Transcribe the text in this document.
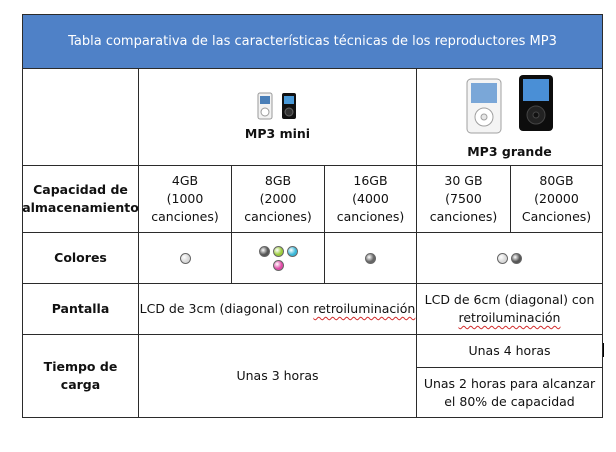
Tabla comparativa de las características técnicas de los reproductores MP3
MP3 mini
MP3 grande
Capacidad de almacenamiento
4GB
(1000
canciones)
8GB
(2000 canciones)
16GB
(4000
canciones)
30 GB
(7500
canciones)
80GB
(20000
Canciones)
Colores
Pantalla LCD de 3cm (diagonal) con retroiluminación
LCD de 6cm (diagonal) con
retroiluminación
Tiempo de carga
Unas 3 horas
Unas 4 horas
Unas 2 horas para alcanzar
el 80% de capacidad
